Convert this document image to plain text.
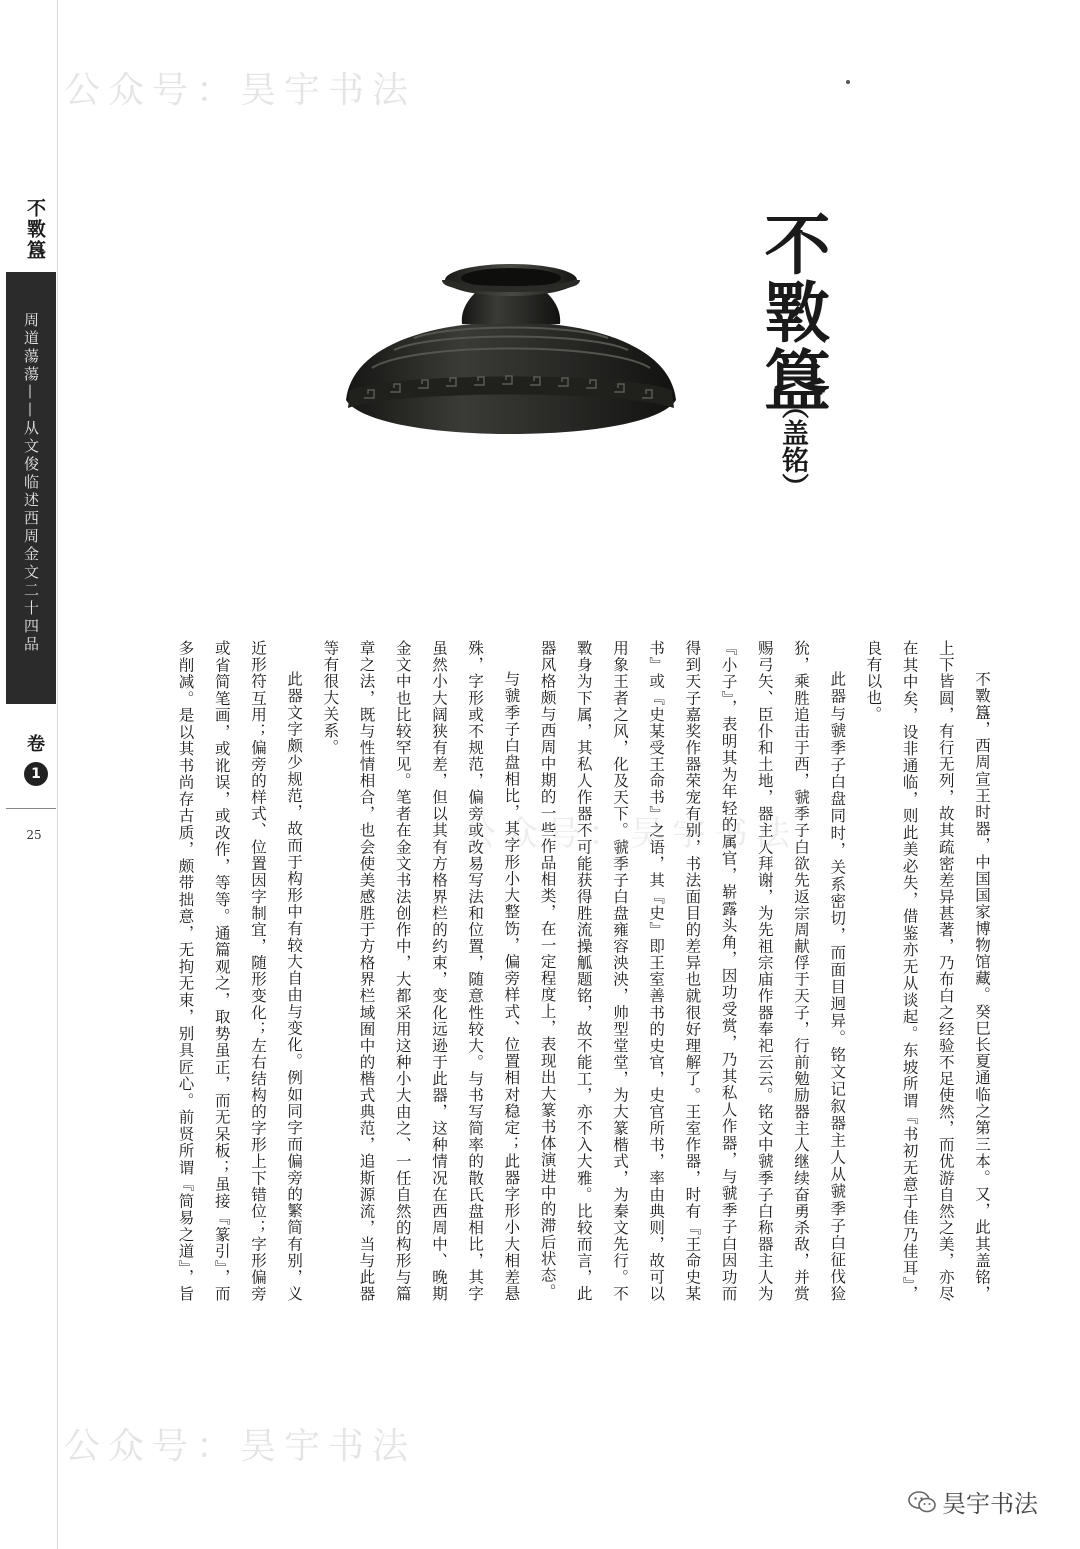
不斁簋
周道蕩蕩——从文俊临述西周金文二十四品
卷
1
25
公众号：昊宇书法
公众号：昊宇书法
公众号：昊宇书法
不斁簋
（盖铭）

不斁簋，西周宣王时器，中国国家博物馆藏。癸巳长夏通临之第三本。又，此其盖铭，上下皆圆，有行无列，故其疏密差异甚著，乃布白之经验不足使然，而优游自然之美，亦尽在其中矣，设非通临，则此美必失，借鉴亦无从谈起。东坡所谓『书初无意于佳乃佳耳』，良有以也。

此器与虢季子白盘同时，关系密切，而面目迥异。铭文记叙器主人从虢季子白征伐猃狁，乘胜追击于西，虢季子白欲先返宗周献俘于天子，行前勉励器主人继续奋勇杀敌，并赏赐弓矢、臣仆和土地，器主人拜谢，为先祖宗庙作器奉祀云云。铭文中虢季子白称器主人为『小子』，表明其为年轻的属官，崭露头角，因功受赏，乃其私人作器，与虢季子白因功而得到天子嘉奖作器荣宠有别，书法面目的差异也就很好理解了。王室作器，时有『王命史某书』或『史某受王命书』之语，其『史』即王室善书的史官，史官所书，率由典则，故可以用象王者之风，化及天下。虢季子白盘雍容泱泱，帅型堂堂，为大篆楷式，为秦文先行。不斁身为下属，其私人作器不可能获得胜流操觚题铭，故不能工，亦不入大雅。比较而言，此器风格颇与西周中期的一些作品相类，在一定程度上，表现出大篆书体演进中的滞后状态。

与虢季子白盘相比，其字形小大整饬，偏旁样式、位置相对稳定；此器字形小大相差悬殊，字形或不规范，偏旁或改易写法和位置，随意性较大。与书写简率的散氏盘相比，其字虽然小大阔狭有差，但以其有方格界栏的约束，变化远逊于此器，这种情况在西周中、晚期金文中也比较罕见。笔者在金文书法创作中，大都采用这种小大由之、一任自然的构形与篇章之法，既与性情相合，也会使美感胜于方格界栏域囿中的楷式典范，追斯源流，当与此器等有很大关系。

此器文字颇少规范，故而于构形中有较大自由与变化。例如同字而偏旁的繁简有别，义近形符互用；偏旁的样式、位置因字制宜，随形变化；左右结构的字形上下错位；字形偏旁或省简笔画，或讹误，或改作，等等。通篇观之，取势虽正，而无呆板；虽接『篆引』，而多削减。是以其书尚存古质，颇带拙意，无拘无束，别具匠心。前贤所谓『简易之道』，旨

昊宇书法
